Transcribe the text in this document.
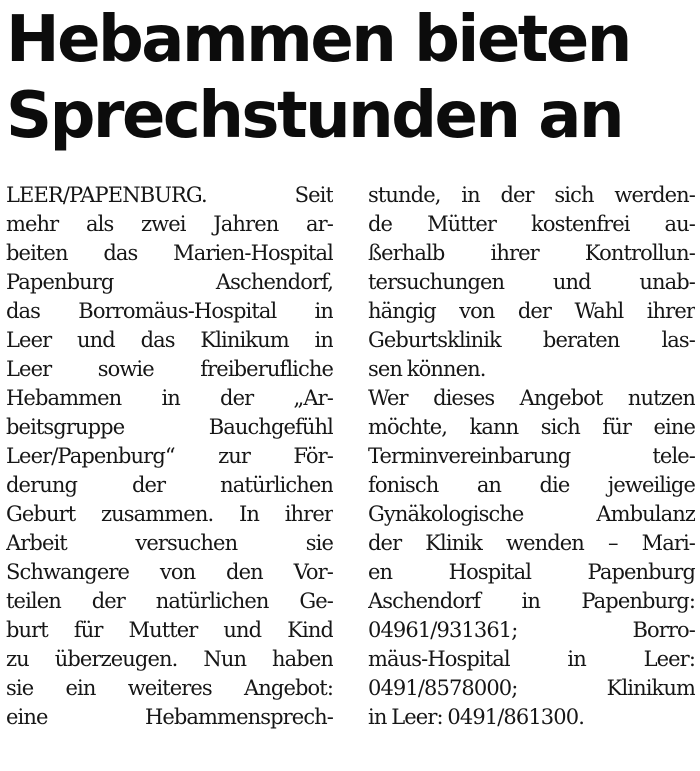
Hebammen bieten
Sprechstunden an
LEER/PAPENBURG. Seit
mehr als zwei Jahren ar-
beiten das Marien-Hospital
Papenburg Aschendorf,
das Borromäus-Hospital in
Leer und das Klinikum in
Leer sowie freiberufliche
Hebammen in der „Ar-
beitsgruppe Bauchgefühl
Leer/Papenburg“ zur För-
derung der natürlichen
Geburt zusammen. In ihrer
Arbeit versuchen sie
Schwangere von den Vor-
teilen der natürlichen Ge-
burt für Mutter und Kind
zu überzeugen. Nun haben
sie ein weiteres Angebot:
eine Hebammensprech-
stunde, in der sich werden-
de Mütter kostenfrei au-
ßerhalb ihrer Kontrollun-
tersuchungen und unab-
hängig von der Wahl ihrer
Geburtsklinik beraten las-
sen können.
Wer dieses Angebot nutzen
möchte, kann sich für eine
Terminvereinbarung tele-
fonisch an die jeweilige
Gynäkologische Ambulanz
der Klinik wenden – Mari-
en Hospital Papenburg
Aschendorf in Papenburg:
04961/931361; Borro-
mäus-Hospital in Leer:
0491/8578000; Klinikum
in Leer: 0491/861300.
